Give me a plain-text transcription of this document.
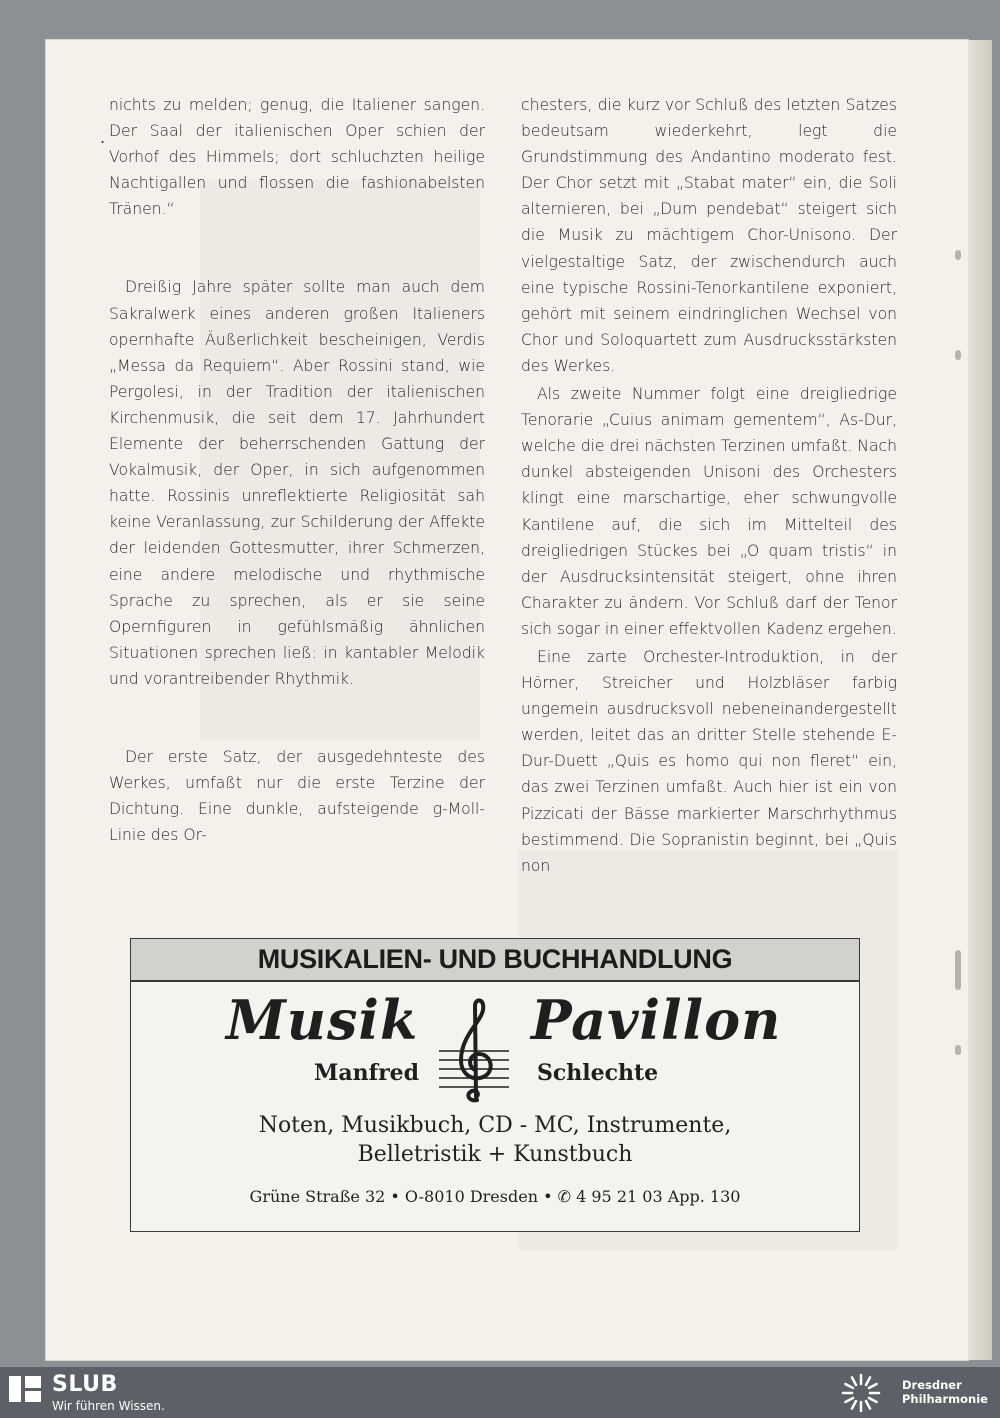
.

nichts zu melden; genug, die Italiener sangen. Der Saal der italienischen Oper schien der Vorhof des Himmels; dort schluchzten heilige Nachtigallen und flossen die fashionabelsten Tränen.“

Dreißig Jahre später sollte man auch dem Sakralwerk eines anderen großen Italieners opernhafte Äußerlichkeit bescheinigen, Verdis „Messa da Requiem“. Aber Rossini stand, wie Pergolesi, in der Tradition der italienischen Kirchenmusik, die seit dem 17. Jahrhundert Elemente der beherrschenden Gattung der Vokalmusik, der Oper, in sich aufgenommen hatte. Rossinis unreflektierte Religiosität sah keine Veranlassung, zur Schilderung der Affekte der leidenden Gottesmutter, ihrer Schmerzen, eine andere melodische und rhythmische Sprache zu sprechen, als er sie seine Opernfiguren in gefühlsmäßig ähnlichen Situationen sprechen ließ: in kantabler Melodik und vorantreibender Rhythmik.

Der erste Satz, der ausgedehnteste des Werkes, umfaßt nur die erste Terzine der Dichtung. Eine dunkle, aufsteigende g-Moll-Linie des Or-

chesters, die kurz vor Schluß des letzten Satzes bedeutsam wiederkehrt, legt die Grundstimmung des Andantino moderato fest. Der Chor setzt mit „Stabat mater“ ein, die Soli alternieren, bei „Dum pendebat“ steigert sich die Musik zu mächtigem Chor-Unisono. Der vielgestaltige Satz, der zwischendurch auch eine typische Rossini-Tenorkantilene exponiert, gehört mit seinem eindringlichen Wechsel von Chor und Soloquartett zum Ausdrucksstärksten des Werkes.

Als zweite Nummer folgt eine dreigliedrige Tenorarie „Cuius animam gementem“, As-Dur, welche die drei nächsten Terzinen umfaßt. Nach dunkel absteigenden Unisoni des Orchesters klingt eine marschartige, eher schwungvolle Kantilene auf, die sich im Mittelteil des dreigliedrigen Stückes bei „O quam tristis“ in der Ausdrucksintensität steigert, ohne ihren Charakter zu ändern. Vor Schluß darf der Tenor sich sogar in einer effektvollen Kadenz ergehen.

Eine zarte Orchester-Introduktion, in der Hörner, Streicher und Holzbläser farbig ungemein ausdrucksvoll nebeneinandergestellt werden, leitet das an dritter Stelle stehende E-Dur-Duett „Quis es homo qui non fleret“ ein, das zwei Terzinen umfaßt. Auch hier ist ein von Pizzicati der Bässe markierter Marschrhythmus bestimmend. Die Sopranistin beginnt, bei „Quis non

MUSIKALIEN- UND BUCHHANDLUNG
Musik Pavillon
Manfred	Schlechte
Noten, Musikbuch, CD - MC, Instrumente,
Belletristik + Kunstbuch
Grüne Straße 32 • O-8010 Dresden • ✆ 4 95 21 03 App. 130
SLUB
Wir führen Wissen.
Dresdner
Philharmonie
